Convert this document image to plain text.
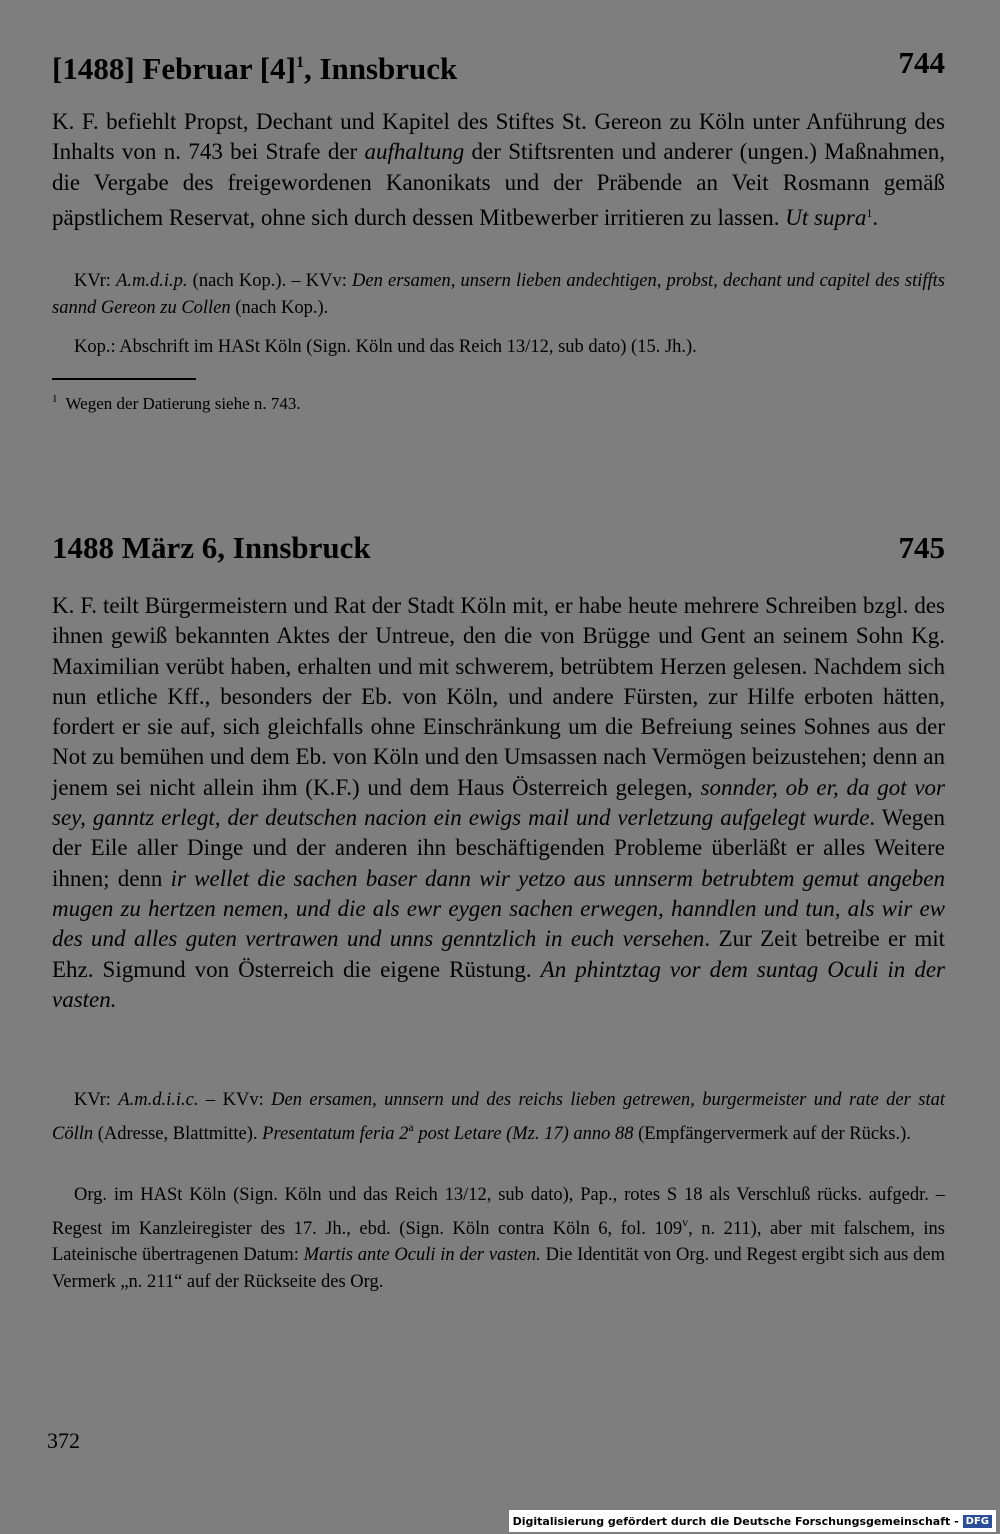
[1488] Februar $[4]^1$, Innsbruck	744
K. F. befiehlt Propst, Dechant und Kapitel des Stiftes St. Gereon zu Köln unter Anführung des Inhalts von n. 743 bei Strafe der aufhaltung der Stiftsrenten und anderer (ungen.) Maßnahmen, die Vergabe des freigewordenen Kanonikats und der Präbende an Veit Rosmann gemäß päpstlichem Reservat, ohne sich durch dessen Mitbewerber irritieren zu lassen. Ut supra$^1$.
KVr: A.m.d.i.p. (nach Kop.). – KVv: Den ersamen, unsern lieben andechtigen, probst, dechant und capitel des stiffts sannd Gereon zu Collen (nach Kop.).
Kop.: Abschrift im HASt Köln (Sign. Köln und das Reich 13/12, sub dato) (15. Jh.).
$^1$ Wegen der Datierung siehe n. 743.
1488 März 6, Innsbruck	745
K. F. teilt Bürgermeistern und Rat der Stadt Köln mit, er habe heute mehrere Schreiben bzgl. des ihnen gewiß bekannten Aktes der Untreue, den die von Brügge und Gent an seinem Sohn Kg. Maximilian verübt haben, erhalten und mit schwerem, betrübtem Herzen gelesen. Nachdem sich nun etliche Kff., besonders der Eb. von Köln, und andere Fürsten, zur Hilfe erboten hätten, fordert er sie auf, sich gleichfalls ohne Einschränkung um die Befreiung seines Sohnes aus der Not zu bemühen und dem Eb. von Köln und den Umsassen nach Vermögen beizustehen; denn an jenem sei nicht allein ihm (K.F.) und dem Haus Österreich gelegen, sonnder, ob er, da got vor sey, ganntz erlegt, der deutschen nacion ein ewigs mail und verletzung aufgelegt wurde. Wegen der Eile aller Dinge und der anderen ihn beschäftigenden Probleme überläßt er alles Weitere ihnen; denn ir wellet die sachen baser dann wir yetzo aus unnserm betrubtem gemut angeben mugen zu hertzen nemen, und die als ewr eygen sachen erwegen, hanndlen und tun, als wir ew des und alles guten vertrawen und unns genntzlich in euch versehen. Zur Zeit betreibe er mit Ehz. Sigmund von Österreich die eigene Rüstung. An phintztag vor dem suntag Oculi in der vasten.
KVr: A.m.d.i.i.c. – KVv: Den ersamen, unnsern und des reichs lieben getrewen, burgermeister und rate der stat Cölln (Adresse, Blattmitte). Presentatum feria 2$^a$ post Letare (Mz. 17) anno 88 (Empfängervermerk auf der Rücks.).
Org. im HASt Köln (Sign. Köln und das Reich 13/12, sub dato), Pap., rotes S 18 als Verschluß rücks. aufgedr. – Regest im Kanzleiregister des 17. Jh., ebd. (Sign. Köln contra Köln 6, fol. 109$^v$, n. 211), aber mit falschem, ins Lateinische übertragenen Datum: Martis ante Oculi in der vasten. Die Identität von Org. und Regest ergibt sich aus dem Vermerk „n. 211“ auf der Rückseite des Org.
372
Digitalisierung gefördert durch die Deutsche Forschungsgemeinschaft - DFG
